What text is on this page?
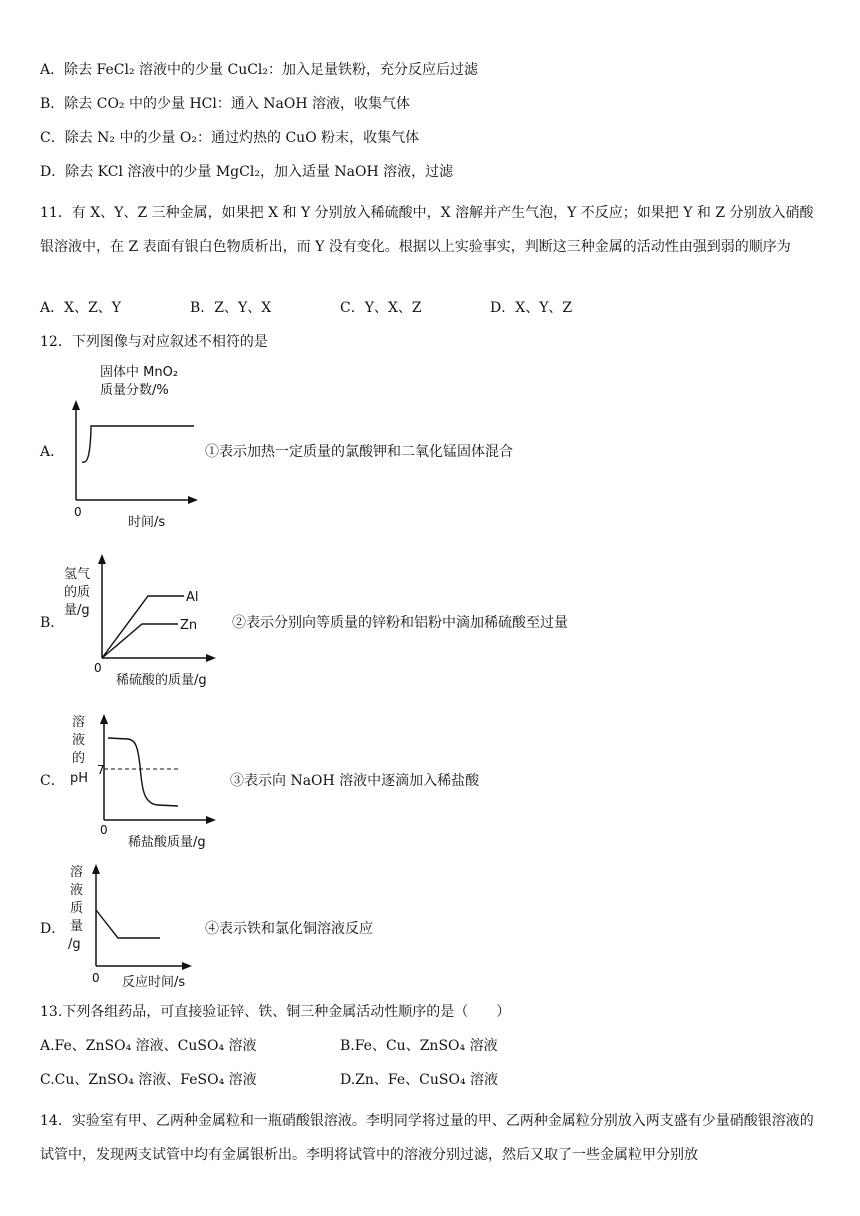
A．除去 FeCl₂ 溶液中的少量 CuCl₂：加入足量铁粉，充分反应后过滤
B．除去 CO₂ 中的少量 HCl：通入 NaOH 溶液，收集气体
C．除去 N₂ 中的少量 O₂：通过灼热的 CuO 粉末，收集气体
D．除去 KCl 溶液中的少量 MgCl₂，加入适量 NaOH 溶液，过滤
11．有 X、Y、Z 三种金属，如果把 X 和 Y 分别放入稀硫酸中，X 溶解并产生气泡，Y 不反应；如果把 Y 和 Z 分别放入硝酸银溶液中，在 Z 表面有银白色物质析出，而 Y 没有变化。根据以上实验事实，判断这三种金属的活动性由强到弱的顺序为
A．X、Z、Y	B．Z、Y、X	C．Y、X、Z	D．X、Y、Z
12．下列图像与对应叙述不相符的是
A．
固体中 MnO₂
质量分数/%
0
时间/s
①表示加热一定质量的氯酸钾和二氧化锰固体混合
B．
氢气
的质
量/g
Al
Zn
0
稀硫酸的质量/g
②表示分别向等质量的锌粉和铝粉中滴加稀硫酸至过量
C．
溶
液
的
pH
7
0
稀盐酸质量/g
③表示向 NaOH 溶液中逐滴加入稀盐酸
D．
溶
液
质
量
/g
0 反应时间/s
④表示铁和氯化铜溶液反应
13.下列各组药品，可直接验证锌、铁、铜三种金属活动性顺序的是（　　）
A.Fe、ZnSO₄ 溶液、CuSO₄ 溶液	B.Fe、Cu、ZnSO₄ 溶液
C.Cu、ZnSO₄ 溶液、FeSO₄ 溶液	D.Zn、Fe、CuSO₄ 溶液
14．实验室有甲、乙两种金属粒和一瓶硝酸银溶液。李明同学将过量的甲、乙两种金属粒分别放入两支盛有少量硝酸银溶液的试管中，发现两支试管中均有金属银析出。李明将试管中的溶液分别过滤，然后又取了一些金属粒甲分别放
